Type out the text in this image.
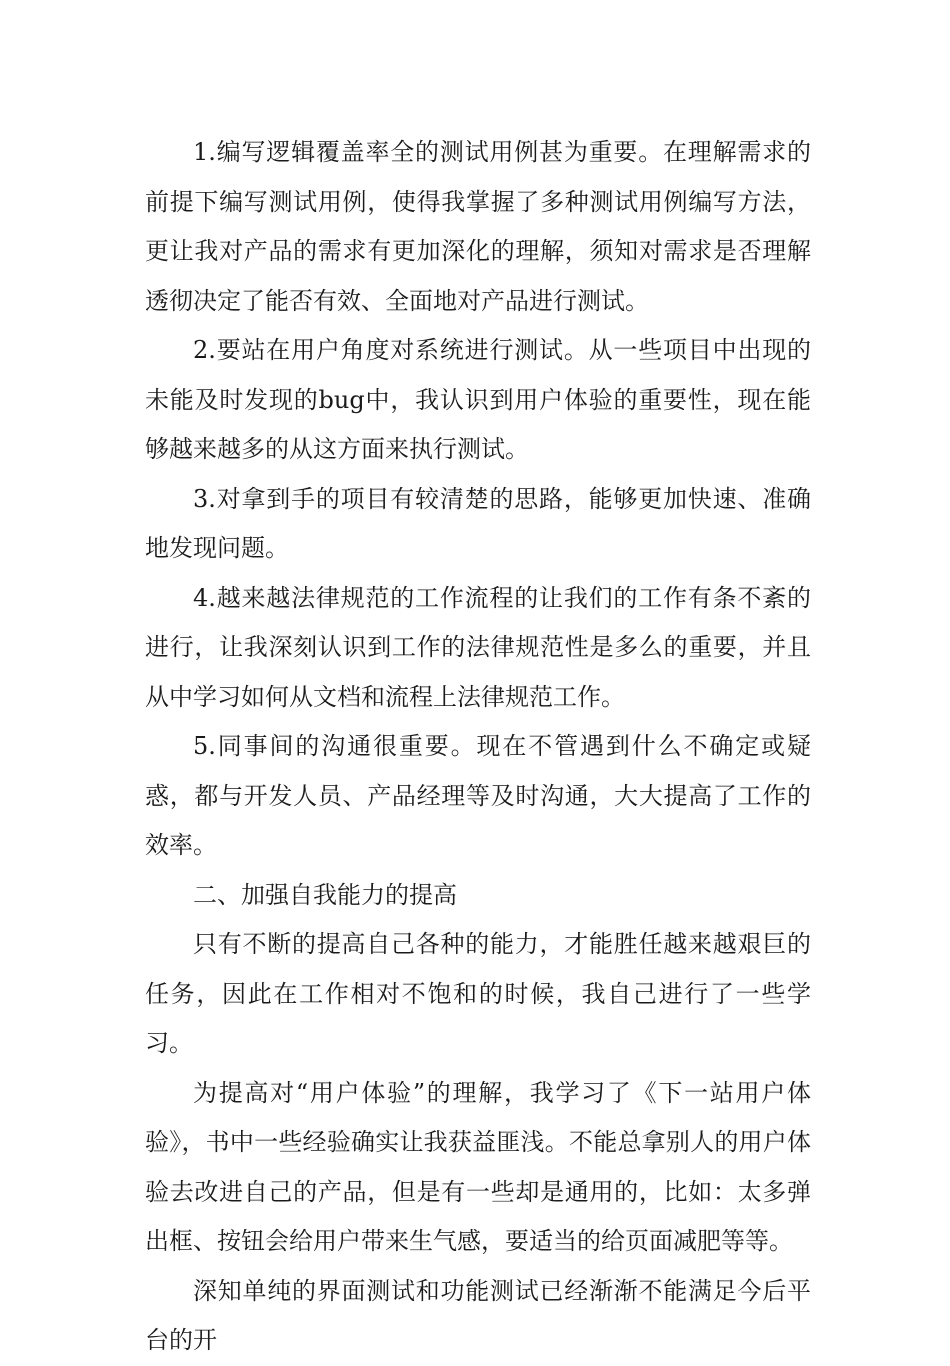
1.编写逻辑覆盖率全的测试用例甚为重要。在理解需求的前提下编写测试用例，使得我掌握了多种测试用例编写方法，更让我对产品的需求有更加深化的理解，须知对需求是否理解透彻决定了能否有效、全面地对产品进行测试。

2.要站在用户角度对系统进行测试。从一些项目中出现的未能及时发现的bug中，我认识到用户体验的重要性，现在能够越来越多的从这方面来执行测试。

3.对拿到手的项目有较清楚的思路，能够更加快速、准确地发现问题。

4.越来越法律规范的工作流程的让我们的工作有条不紊的进行，让我深刻认识到工作的法律规范性是多么的重要，并且从中学习如何从文档和流程上法律规范工作。

5.同事间的沟通很重要。现在不管遇到什么不确定或疑惑，都与开发人员、产品经理等及时沟通，大大提高了工作的效率。

二、加强自我能力的提高

只有不断的提高自己各种的能力，才能胜任越来越艰巨的任务，因此在工作相对不饱和的时候，我自己进行了一些学习。

为提高对“用户体验”的理解，我学习了《下一站用户体验》，书中一些经验确实让我获益匪浅。不能总拿别人的用户体验去改进自己的产品，但是有一些却是通用的，比如：太多弹出框、按钮会给用户带来生气感，要适当的给页面减肥等等。

深知单纯的界面测试和功能测试已经渐渐不能满足今后平台的开
